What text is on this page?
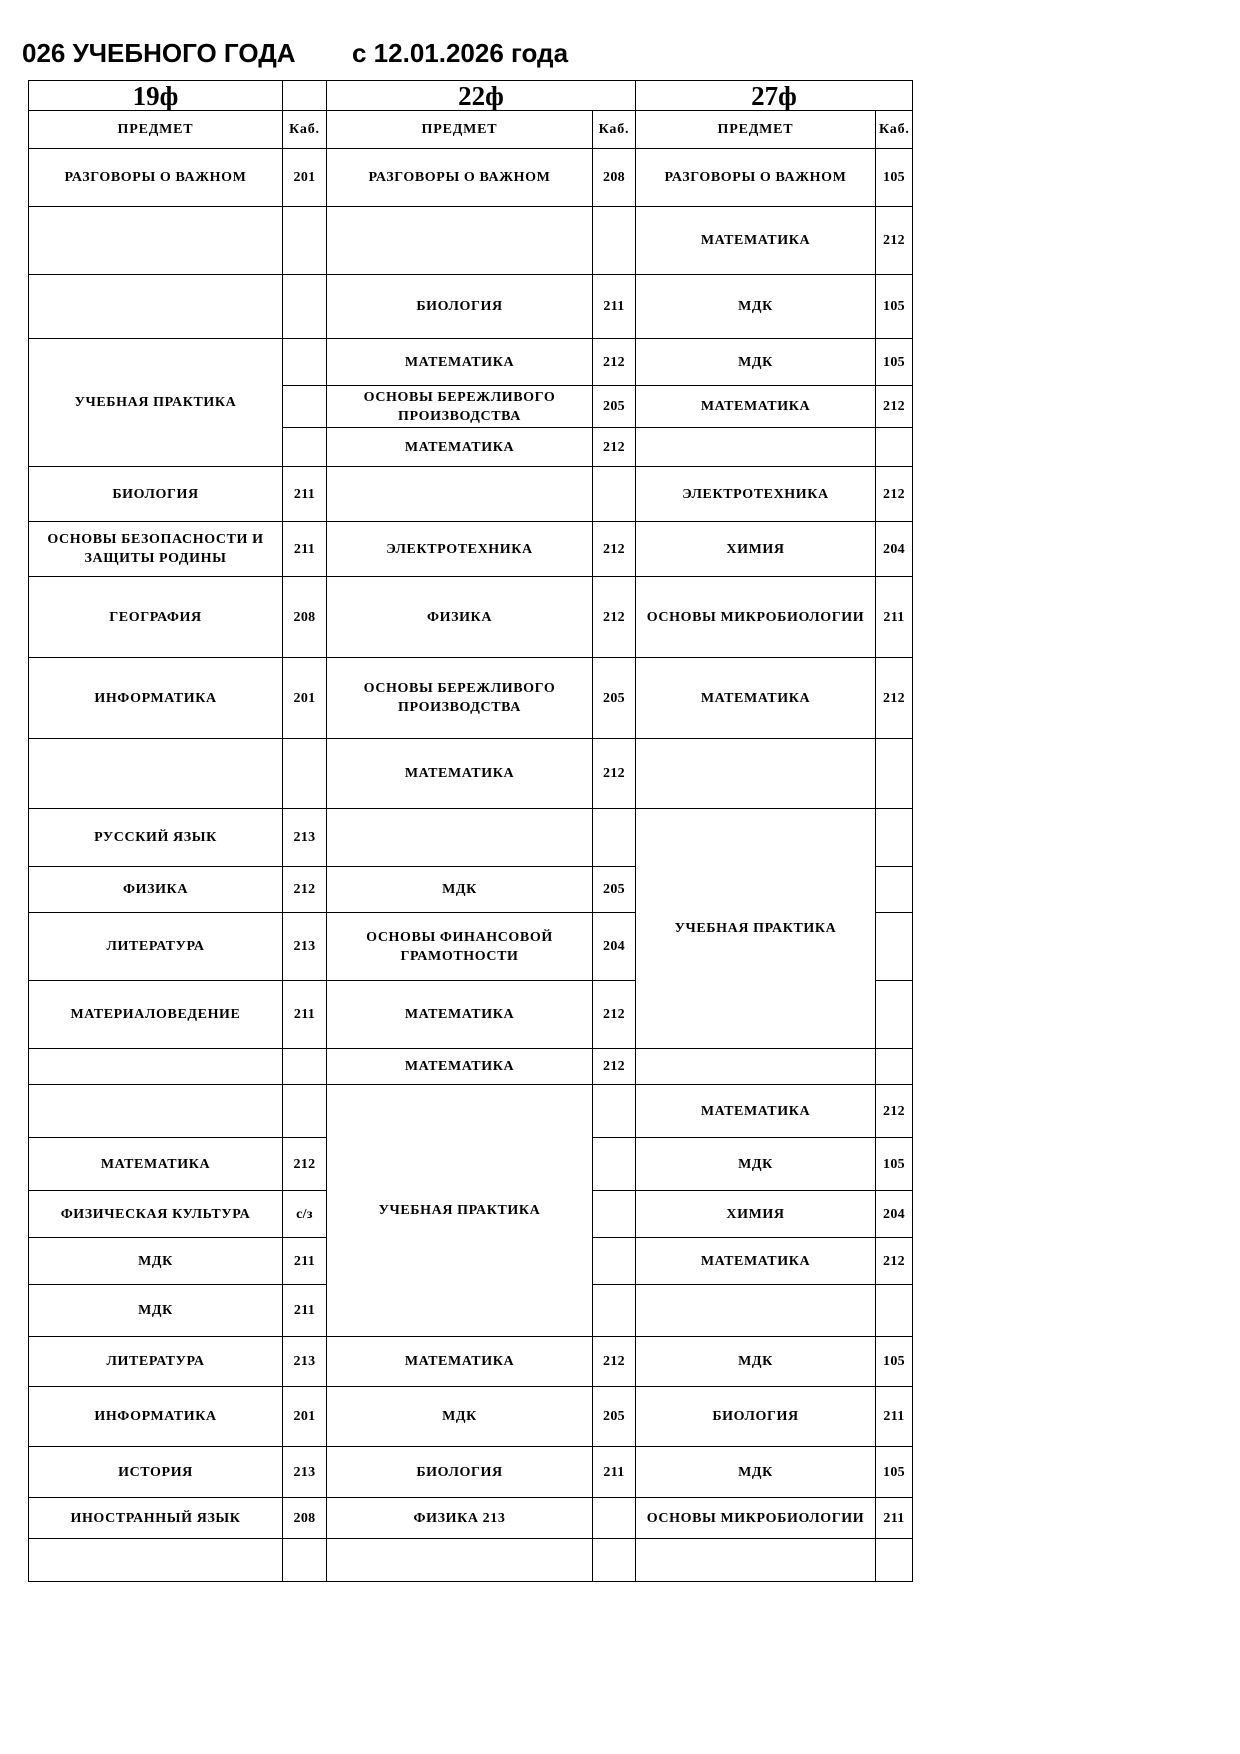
026 УЧЕБНОГО ГОДА с 12.01.2026 года
19ф		22ф		27ф	
ПРЕДМЕТ	Каб.	ПРЕДМЕТ	Каб.	ПРЕДМЕТ	Каб.
РАЗГОВОРЫ О ВАЖНОМ	201	РАЗГОВОРЫ О ВАЖНОМ	208	РАЗГОВОРЫ О ВАЖНОМ	105
				МАТЕМАТИКА	212
		БИОЛОГИЯ	211	МДК	105
УЧЕБНАЯ ПРАКТИКА		МАТЕМАТИКА	212	МДК	105
		ОСНОВЫ БЕРЕЖЛИВОГО ПРОИЗВОДСТВА	205	МАТЕМАТИКА	212
		МАТЕМАТИКА	212		
БИОЛОГИЯ	211			ЭЛЕКТРОТЕХНИКА	212
ОСНОВЫ БЕЗОПАСНОСТИ И ЗАЩИТЫ РОДИНЫ	211	ЭЛЕКТРОТЕХНИКА	212	ХИМИЯ	204
ГЕОГРАФИЯ	208	ФИЗИКА	212	ОСНОВЫ МИКРОБИОЛОГИИ	211
ИНФОРМАТИКА	201	ОСНОВЫ БЕРЕЖЛИВОГО ПРОИЗВОДСТВА	205	МАТЕМАТИКА	212
		МАТЕМАТИКА	212		
РУССКИЙ ЯЗЫК	213			УЧЕБНАЯ ПРАКТИКА	
ФИЗИКА	212	МДК	205		
ЛИТЕРАТУРА	213	ОСНОВЫ ФИНАНСОВОЙ ГРАМОТНОСТИ	204		
МАТЕРИАЛОВЕДЕНИЕ	211	МАТЕМАТИКА	212		
		МАТЕМАТИКА	212		
		УЧЕБНАЯ ПРАКТИКА		МАТЕМАТИКА	212
МАТЕМАТИКА	212			МДК	105
ФИЗИЧЕСКАЯ КУЛЬТУРА	с/з			ХИМИЯ	204
МДК	211			МАТЕМАТИКА	212
МДК	211				
ЛИТЕРАТУРА	213	МАТЕМАТИКА	212	МДК	105
ИНФОРМАТИКА	201	МДК	205	БИОЛОГИЯ	211
ИСТОРИЯ	213	БИОЛОГИЯ	211	МДК	105
ИНОСТРАННЫЙ ЯЗЫК	208	ФИЗИКА 213		ОСНОВЫ МИКРОБИОЛОГИИ	211
